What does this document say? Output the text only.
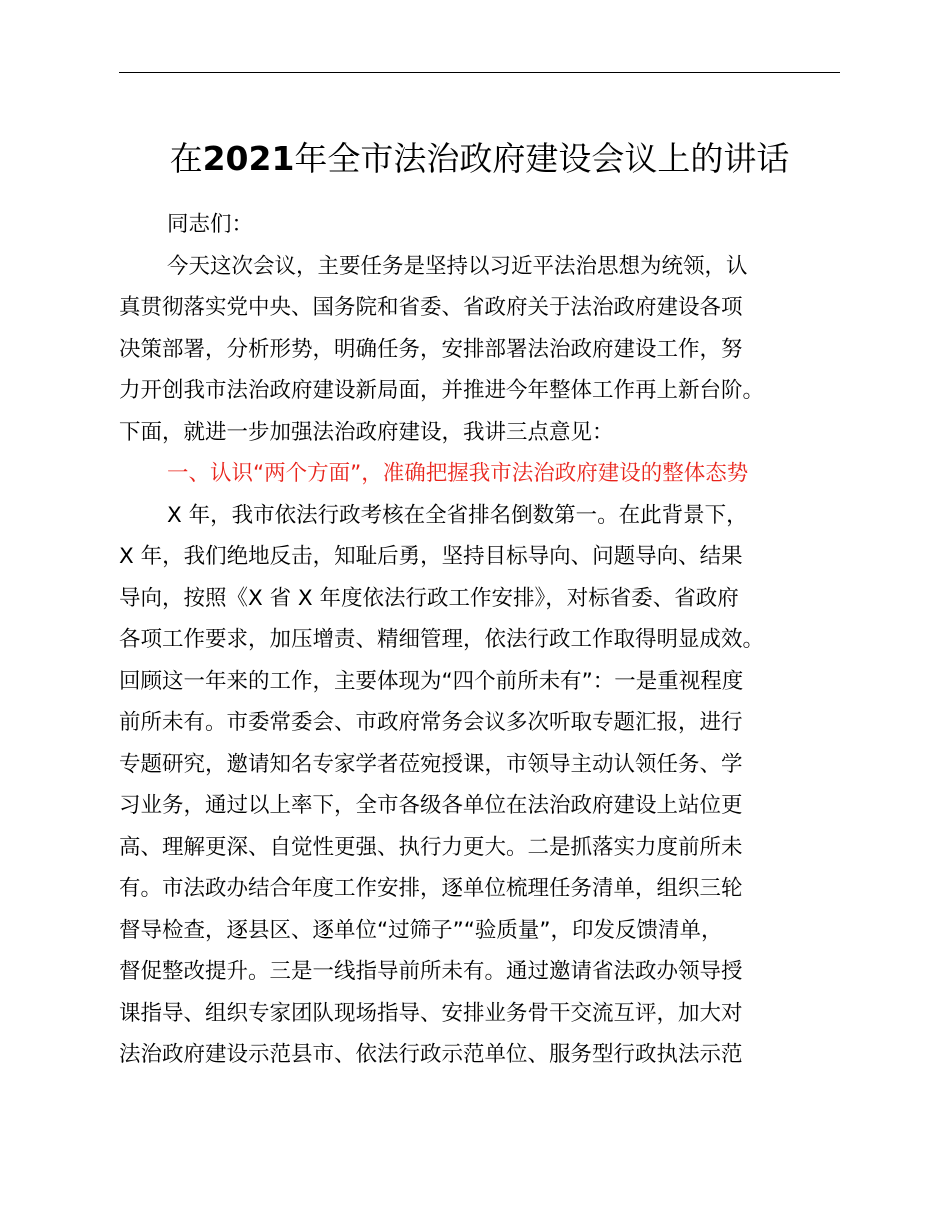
在2021年全市法治政府建设会议上的讲话
同志们：
今天这次会议，主要任务是坚持以习近平法治思想为统领，认
真贯彻落实党中央、国务院和省委、省政府关于法治政府建设各项
决策部署，分析形势，明确任务，安排部署法治政府建设工作，努
力开创我市法治政府建设新局面，并推进今年整体工作再上新台阶。
下面，就进一步加强法治政府建设，我讲三点意见：
一、认识“两个方面”，准确把握我市法治政府建设的整体态势
X 年，我市依法行政考核在全省排名倒数第一。在此背景下，
X 年，我们绝地反击，知耻后勇，坚持目标导向、问题导向、结果
导向，按照《X 省 X 年度依法行政工作安排》，对标省委、省政府
各项工作要求，加压增责、精细管理，依法行政工作取得明显成效。
回顾这一年来的工作，主要体现为“四个前所未有”：一是重视程度
前所未有。市委常委会、市政府常务会议多次听取专题汇报，进行
专题研究，邀请知名专家学者莅宛授课，市领导主动认领任务、学
习业务，通过以上率下，全市各级各单位在法治政府建设上站位更
高、理解更深、自觉性更强、执行力更大。二是抓落实力度前所未
有。市法政办结合年度工作安排，逐单位梳理任务清单，组织三轮
督导检查，逐县区、逐单位“过筛子”“验质量”，印发反馈清单，
督促整改提升。三是一线指导前所未有。通过邀请省法政办领导授
课指导、组织专家团队现场指导、安排业务骨干交流互评，加大对
法治政府建设示范县市、依法行政示范单位、服务型行政执法示范
